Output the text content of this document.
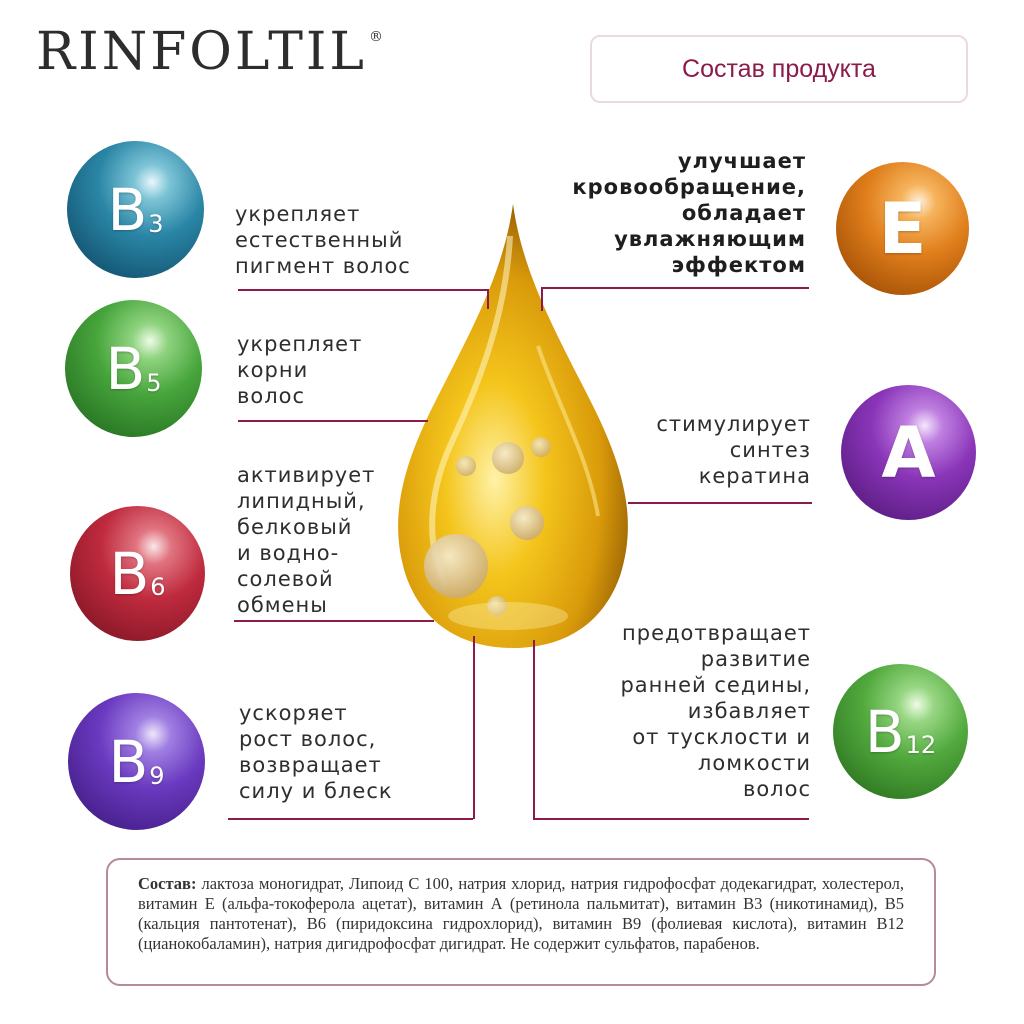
RINFOLTIL ®
Состав продукта
B 3
B 5
B 6
B 9
E
A
B 12
укрепляет
естественный
пигмент волос
укрепляет
корни
волос
активирует
липидный,
белковый
и водно-
солевой
обмены
ускоряет
рост волос,
возвращает
силу и блеск
улучшает
кровообращение,
обладает
увлажняющим
эффектом
стимулирует
синтез
кератина
предотвращает
развитие
ранней седины,
избавляет
от тусклости и
ломкости
волос
Состав: лактоза моногидрат, Липоид С 100, натрия хлорид, натрия гидрофосфат додекагидрат, холестерол, витамин Е (альфа-токоферола ацетат), витамин А (ретинола пальмитат), витамин В3 (никотинамид), В5 (кальция пантотенат), В6 (пиридоксина гидрохлорид), витамин В9 (фолиевая кислота), витамин В12 (цианокобаламин), натрия дигидрофосфат дигидрат. Не содержит сульфатов, парабенов.
